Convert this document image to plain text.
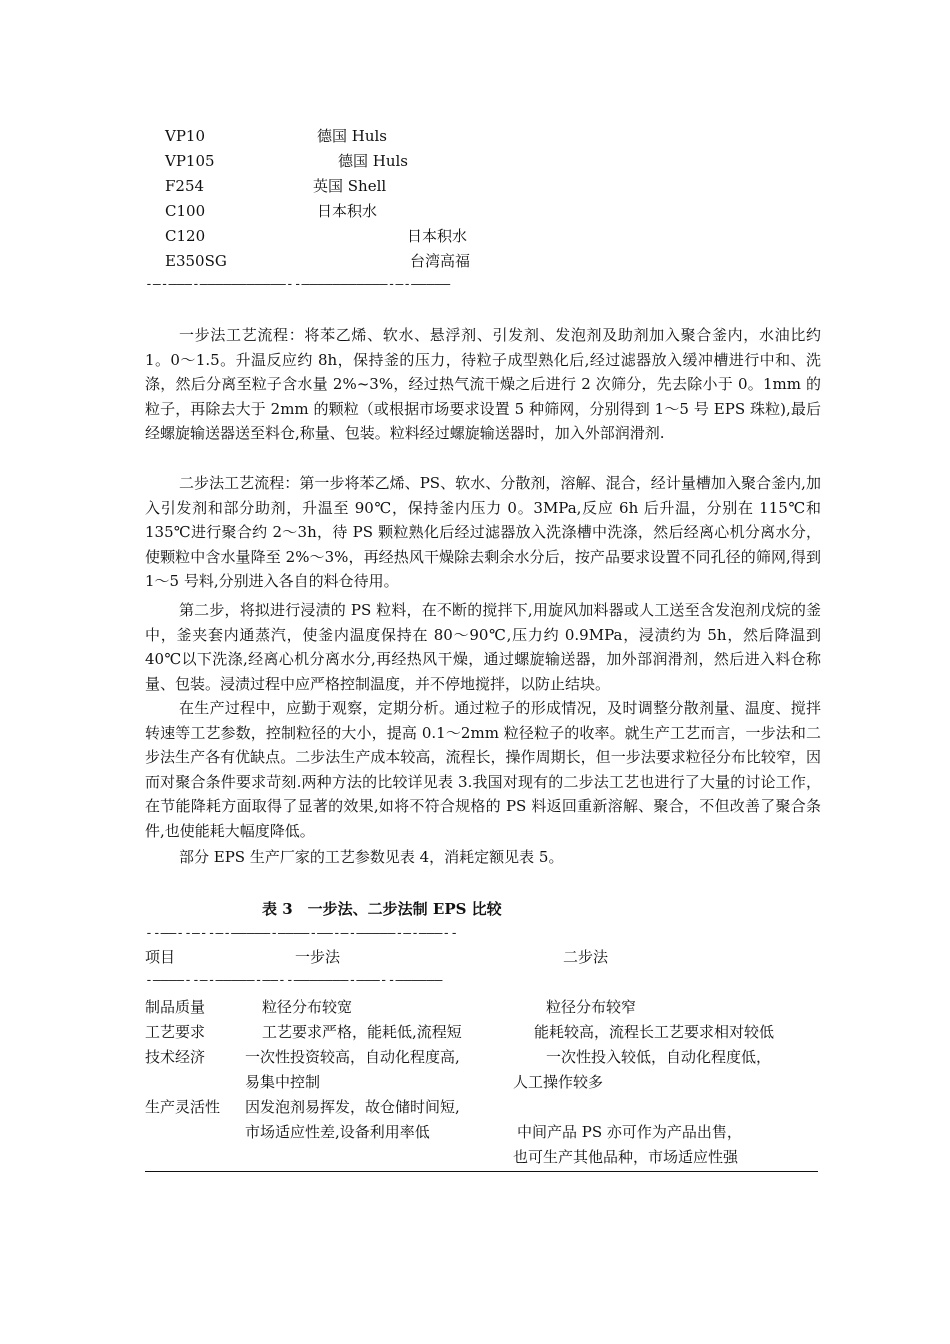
VP10	德国 Huls
VP105	德国 Huls
F254	英国 Shell
C100	日本积水
C120	日本积水
E350SG	台湾高福
-—-———-———————————--———————————-—-—————

一步法工艺流程：将苯乙烯、软水、悬浮剂、引发剂、发泡剂及助剂加入聚合釜内，水油比约 1。0～1.5。升温反应约 8h，保持釜的压力，待粒子成型熟化后,经过滤器放入缓冲槽进行中和、洗涤，然后分离至粒子含水量 2%~3%，经过热气流干燥之后进行 2 次筛分，先去除小于 0。1mm 的粒子，再除去大于 2mm 的颗粒（或根据市场要求设置 5 种筛网，分别得到 1～5 号 EPS 珠粒),最后经螺旋输送器送至料仓,称量、包装。粒料经过螺旋输送器时，加入外部润滑剂.

二步法工艺流程：第一步将苯乙烯、PS、软水、分散剂，溶解、混合，经计量槽加入聚合釜内,加入引发剂和部分助剂，升温至 90℃，保持釜内压力 0。3MPa,反应 6h 后升温，分别在 115℃和 135℃进行聚合约 2～3h，待 PS 颗粒熟化后经过滤器放入洗涤槽中洗涤，然后经离心机分离水分，使颗粒中含水量降至 2%～3%，再经热风干燥除去剩余水分后，按产品要求设置不同孔径的筛网,得到 1～5 号料,分别进入各自的料仓待用。

第二步，将拟进行浸渍的 PS 粒料，在不断的搅拌下,用旋风加料器或人工送至含发泡剂戊烷的釜中，釜夹套内通蒸汽，使釜内温度保持在 80～90℃,压力约 0.9MPa，浸渍约为 5h，然后降温到 40℃以下洗涤,经离心机分离水分,再经热风干燥，通过螺旋输送器，加外部润滑剂，然后进入料仓称量、包装。浸渍过程中应严格控制温度，并不停地搅拌，以防止结块。

在生产过程中，应勤于观察，定期分析。通过粒子的形成情况，及时调整分散剂量、温度、搅拌转速等工艺参数，控制粒径的大小，提高 0.1～2mm 粒径粒子的收率。就生产工艺而言，一步法和二步法生产各有优缺点。二步法生产成本较高，流程长，操作周期长，但一步法要求粒径分布比较窄，因而对聚合条件要求苛刻.两种方法的比较详见表 3.我国对现有的二步法工艺也进行了大量的讨论工作，在节能降耗方面取得了显著的效果,如将不符合规格的 PS 料返回重新溶解、聚合，不但改善了聚合条件,也使能耗大幅度降低。

部分 EPS 生产厂家的工艺参数见表 4，消耗定额见表 5。

表 3　一步法、二步法制 EPS 比较
--——--—--—-—————-————-——-—-—————-—-———--
项目	一步法	二步法
-————--—-—————-——--———————-———--——————
制品质量	粒径分布较宽	粒径分布较窄
工艺要求	工艺要求严格，能耗低,流程短	能耗较高，流程长工艺要求相对较低
技术经济	一次性投资较高，自动化程度高,	一次性投入较低，自动化程度低，
易集中控制	人工操作较多
生产灵活性 因发泡剂易挥发，故仓储时间短,
市场适应性差,设备利用率低	中间产品 PS 亦可作为产品出售，
也可生产其他品种，市场适应性强
